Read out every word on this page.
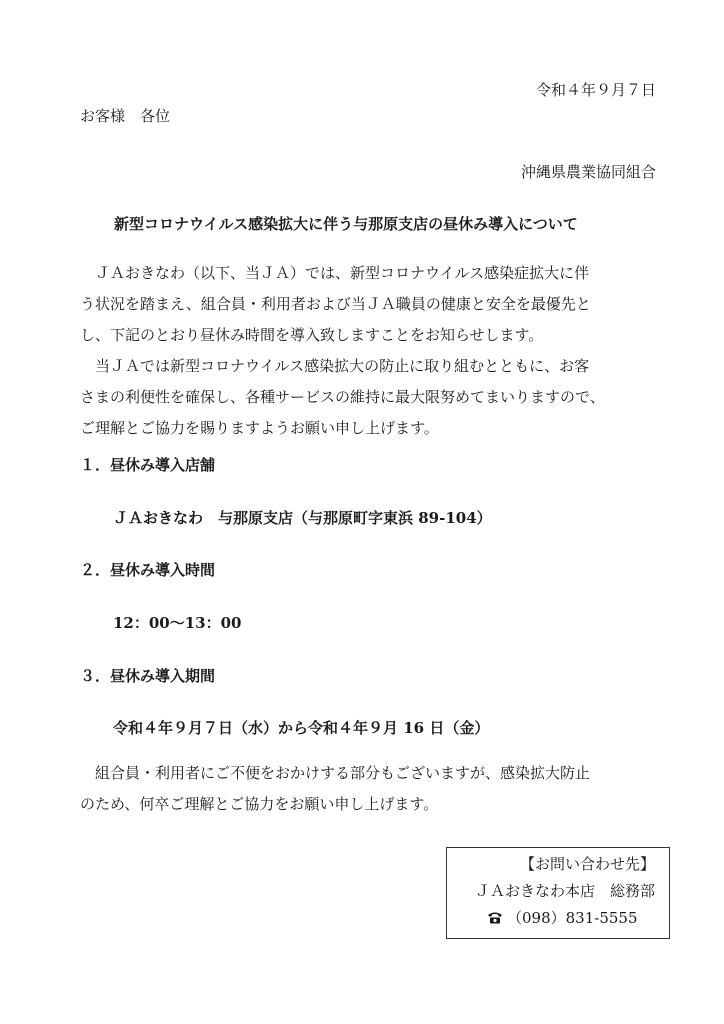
令和４年９月７日

お客様　各位

沖縄県農業協同組合

新型コロナウイルス感染拡大に伴う与那原支店の昼休み導入について

　ＪＡおきなわ（以下、当ＪＡ）では、新型コロナウイルス感染症拡大に伴
う状況を踏まえ、組合員・利用者および当ＪＡ職員の健康と安全を最優先と
し、下記のとおり昼休み時間を導入致しますことをお知らせします。
　当ＪＡでは新型コロナウイルス感染拡大の防止に取り組むとともに、お客
さまの利便性を確保し、各種サービスの維持に最大限努めてまいりますので、
ご理解とご協力を賜りますようお願い申し上げます。

１．昼休み導入店舗

ＪＡおきなわ　与那原支店（与那原町字東浜 89-104）

２．昼休み導入時間

12：00～13：00

３．昼休み導入期間

令和４年９月７日（水）から令和４年９月 16 日（金）

　組合員・利用者にご不便をおかけする部分もございますが、感染拡大防止
のため、何卒ご理解とご協力をお願い申し上げます。
【お問い合わせ先】
ＪＡおきなわ本店　総務部
（098）831-5555
